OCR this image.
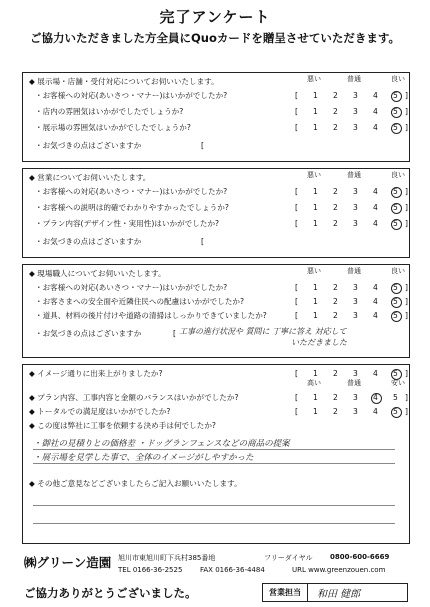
完了アンケート
ご協力いただきました方全員にQuoカードを贈呈させていただきます。
◆ 展示場・店舗・受付対応についてお伺いいたします。	悪い	普通	良い
・お客様への対応(あいさつ・マナー)はいかがでしたか?	[ 1 2 3 4 5 ]
・店内の雰囲気はいかがでしたでしょうか?	[ 1 2 3 4 5 ]
・展示場の雰囲気はいかがでしたでしょうか?	[ 1 2 3 4 5 ]
・お気づきの点はございますか	[
◆ 営業についてお伺いいたします。	悪い	普通	良い
・お客様への対応(あいさつ・マナー)はいかがでしたか?	[ 1 2 3 4 5 ]
・お客様への説明は的確でわかりやすかったでしょうか?	[ 1 2 3 4 5 ]
・プラン内容(デザイン性・実用性)はいかがでしたか?	[ 1 2 3 4 5 ]
・お気づきの点はございますか	[
◆ 現場職人についてお伺いいたします。	悪い	普通	良い
・お客様への対応(あいさつ・マナー)はいかがでしたか?	[ 1 2 3 4 5 ]
・お客さまへの安全面や近隣住民への配慮はいかがでしたか?	[ 1 2 3 4 5 ]
・道具、材料の後片付けや道路の清掃はしっかりできていましたか?	[ 1 2 3 4 5 ]
・お気づきの点はございますか	[ 工事の進行状況や 質問に 丁寧に答え 対応して
いただきました
◆ イメージ通りに出来上がりましたか?	[ 1 2 3 4 5 ]
高い	普通	安い
◆ プラン内容、工事内容と金額のバランスはいかがでしたか?	[ 1 2 3 4 5 ]
◆ トータルでの満足度はいかがでしたか?	[ 1 2 3 4 5 ]
◆ この度は弊社に工事を依頼する決め手は何でしたか?
・御社の見積りとの価格差 ・ドッグランフェンスなどの商品の提案
・展示場を見学した事で、全体のイメージがしやすかった
◆ その他ご意見などございましたらご記入お願いいたします。
㈱グリーン造園 旭川市東旭川町下兵村385番地	フリーダイヤル 0800-600-6669
TEL 0166-36-2525	FAX 0166-36-4484	URL www.greenzouen.com
ご協力ありがとうございました。	営業担当	和田 健郎
